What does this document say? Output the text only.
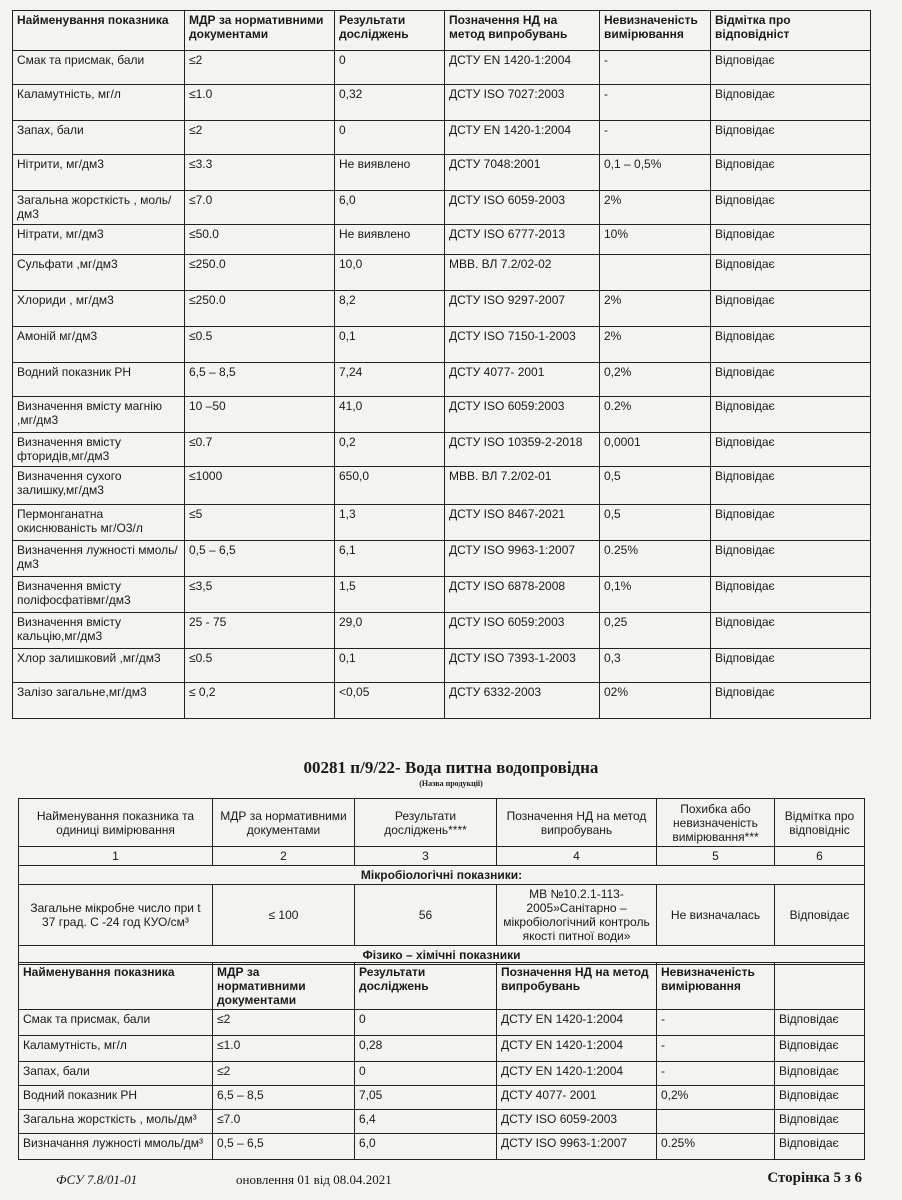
Найменування показника	МДР за нормативними документами	Результати досліджень	Позначення НД на метод випробувань	Невизначеність вимірювання	Відмітка про відповідніст
Смак та присмак, бали	≤2	0	ДСТУ EN 1420-1:2004	-	Відповідає
Каламутність, мг/л	≤1.0	0,32	ДСТУ ISO 7027:2003	-	Відповідає
Запах, бали	≤2	0	ДСТУ EN 1420-1:2004	-	Відповідає
Нітрити, мг/дм3	≤3.3	Не виявлено	ДСТУ 7048:2001	0,1 – 0,5%	Відповідає
Загальна жорсткість , моль/дм3	≤7.0	6,0	ДСТУ ISO 6059-2003	2%	Відповідає
Нітрати, мг/дм3	≤50.0	Не виявлено	ДСТУ ISO 6777-2013	10%	Відповідає
Сульфати ,мг/дм3	≤250.0	10,0	МВВ. ВЛ 7.2/02-02		Відповідає
Хлориди , мг/дм3	≤250.0	8,2	ДСТУ ISO 9297-2007	2%	Відповідає
Амоній мг/дм3	≤0.5	0,1	ДСТУ ISO 7150-1-2003	2%	Відповідає
Водний показник РН	6,5 – 8,5	7,24	ДСТУ 4077- 2001	0,2%	Відповідає
Визначення вмісту магнію ,мг/дм3	10 –50	41,0	ДСТУ ISO 6059:2003	0.2%	Відповідає
Визначення вмісту фторидів,мг/дм3	≤0.7	0,2	ДСТУ ISO 10359-2-2018	0,0001	Відповідає
Визначення сухого залишку,мг/дм3	≤1000	650,0	МВВ. ВЛ 7.2/02-01	0,5	Відповідає
Пермонганатна окиснюваність мг/О3/л	≤5	1,3	ДСТУ ISO 8467-2021	0,5	Відповідає
Визначення лужності ммоль/дм3	0,5 – 6,5	6,1	ДСТУ ISO 9963-1:2007	0.25%	Відповідає
Визначення вмісту поліфосфатівмг/дм3	≤3,5	1,5	ДСТУ ISO 6878-2008	0,1%	Відповідає
Визначення вмісту кальцію,мг/дм3	25 - 75	29,0	ДСТУ ISO 6059:2003	0,25	Відповідає
Хлор залишковий ,мг/дм3	≤0.5	0,1	ДСТУ ISO 7393-1-2003	0,3	Відповідає
Залізо загальне,мг/дм3	≤ 0,2	<0,05	ДСТУ 6332-2003	02%	Відповідає
00281 п/9/22- Вода питна водопровідна
(Назва продукції)
Найменування показника та одиниці вимірювання	МДР за нормативними документами	Результати досліджень****	Позначення НД на метод випробувань	Похибка або невизначеність вимірювання***	Відмітка про відповідніс
1	2	3	4	5	6
Мікробіологічні показники:					
Загальне мікробне число при t 37 град. С -24 год КУО/см³	≤ 100	56	МВ №10.2.1-113-2005»Санітарно – мікробіологічний контроль якості питної води»	Не визначалась	Відповідає
Фізико – хімічні показники					
Найменування показника	МДР за нормативними документами	Результати досліджень	Позначення НД на метод випробувань	Невизначеність вимірювання	
Смак та присмак, бали	≤2	0	ДСТУ EN 1420-1:2004	-	Відповідає
Каламутність, мг/л	≤1.0	0,28	ДСТУ EN 1420-1:2004	-	Відповідає
Запах, бали	≤2	0	ДСТУ EN 1420-1:2004	-	Відповідає
Водний показник РН	6,5 – 8,5	7,05	ДСТУ 4077- 2001	0,2%	Відповідає
Загальна жорсткість , моль/дм³	≤7.0	6,4	ДСТУ ISO 6059-2003		Відповідає
Визначання лужності ммоль/дм³	0,5 – 6,5	6,0	ДСТУ ISO 9963-1:2007	0.25%	Відповідає
ФСУ 7.8/01-01	оновлення 01 від 08.04.2021	Сторінка 5 з 6
